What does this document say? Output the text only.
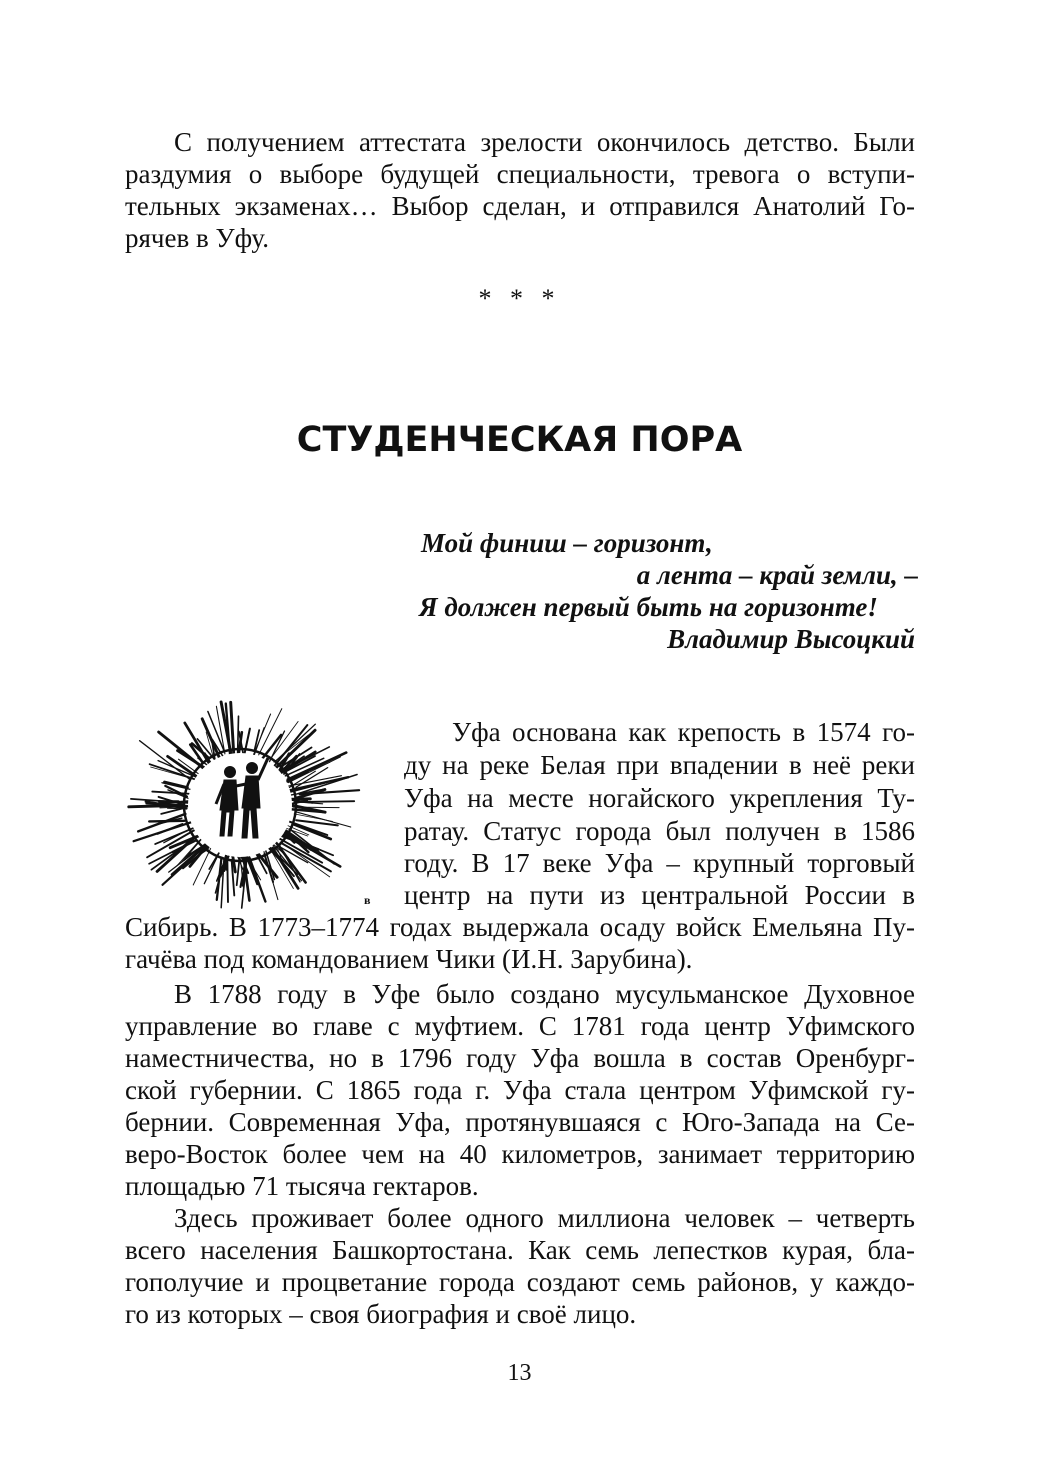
С получением аттестата зрелости окончилось детство. Были
раздумия о выборе будущей специальности, тревога о вступи-
тельных экзаменах… Выбор сделан, и отправился Анатолий Го-
рячев в Уфу.
* * *
СТУДЕНЧЕСКАЯ ПОРА
Мой финиш – горизонт,
а лента – край земли, –
Я должен первый быть на горизонте!
Владимир Высоцкий
в
Уфа основана как крепость в 1574 го-
ду на реке Белая при впадении в неё реки
Уфа на месте ногайского укрепления Ту-
ратау. Статус города был получен в 1586
году. В 17 веке Уфа – крупный торговый
центр на пути из центральной России в
Сибирь. В 1773–1774 годах выдержала осаду войск Емельяна Пу-
гачёва под командованием Чики (И.Н. Зарубина).
В 1788 году в Уфе было создано мусульманское Духовное
управление во главе с муфтием. С 1781 года центр Уфимского
наместничества, но в 1796 году Уфа вошла в состав Оренбург-
ской губернии. С 1865 года г. Уфа стала центром Уфимской гу-
бернии. Современная Уфа, протянувшаяся с Юго-Запада на Се-
веро-Восток более чем на 40 километров, занимает территорию
площадью 71 тысяча гектаров.
Здесь проживает более одного миллиона человек – четверть
всего населения Башкортостана. Как семь лепестков курая, бла-
гополучие и процветание города создают семь районов, у каждо-
го из которых – своя биография и своё лицо.
13
